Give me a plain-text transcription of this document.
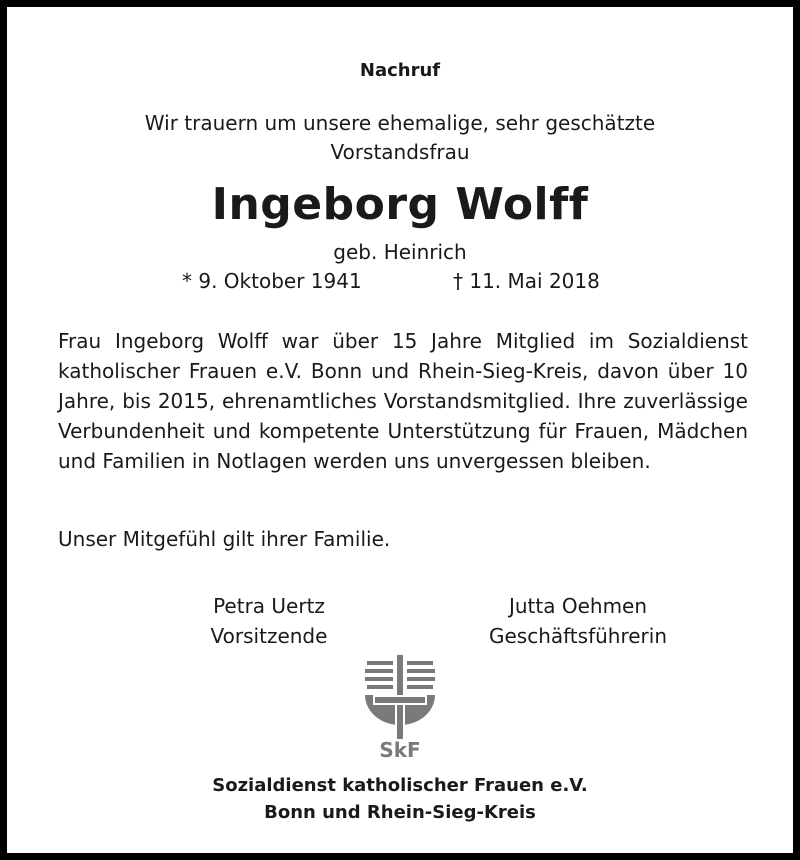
Nachruf
Wir trauern um unsere ehemalige, sehr geschätzte
Vorstandsfrau
Ingeborg Wolff
geb. Heinrich
* 9. Oktober 1941	† 11. Mai 2018
Frau Ingeborg Wolff war über 15 Jahre Mitglied im Sozialdienst katholischer Frauen e.V. Bonn und Rhein-Sieg-Kreis, davon über 10 Jahre, bis 2015, ehrenamtliches Vorstandsmitglied. Ihre zuverlässige Verbundenheit und kompetente Unterstützung für Frauen, Mädchen und Familien in Notlagen werden uns unvergessen bleiben.
Unser Mitgefühl gilt ihrer Familie.
Petra Uertz
Vorsitzende
Jutta Oehmen
Geschäftsführerin
SkF
Sozialdienst katholischer Frauen e.V.
Bonn und Rhein-Sieg-Kreis
